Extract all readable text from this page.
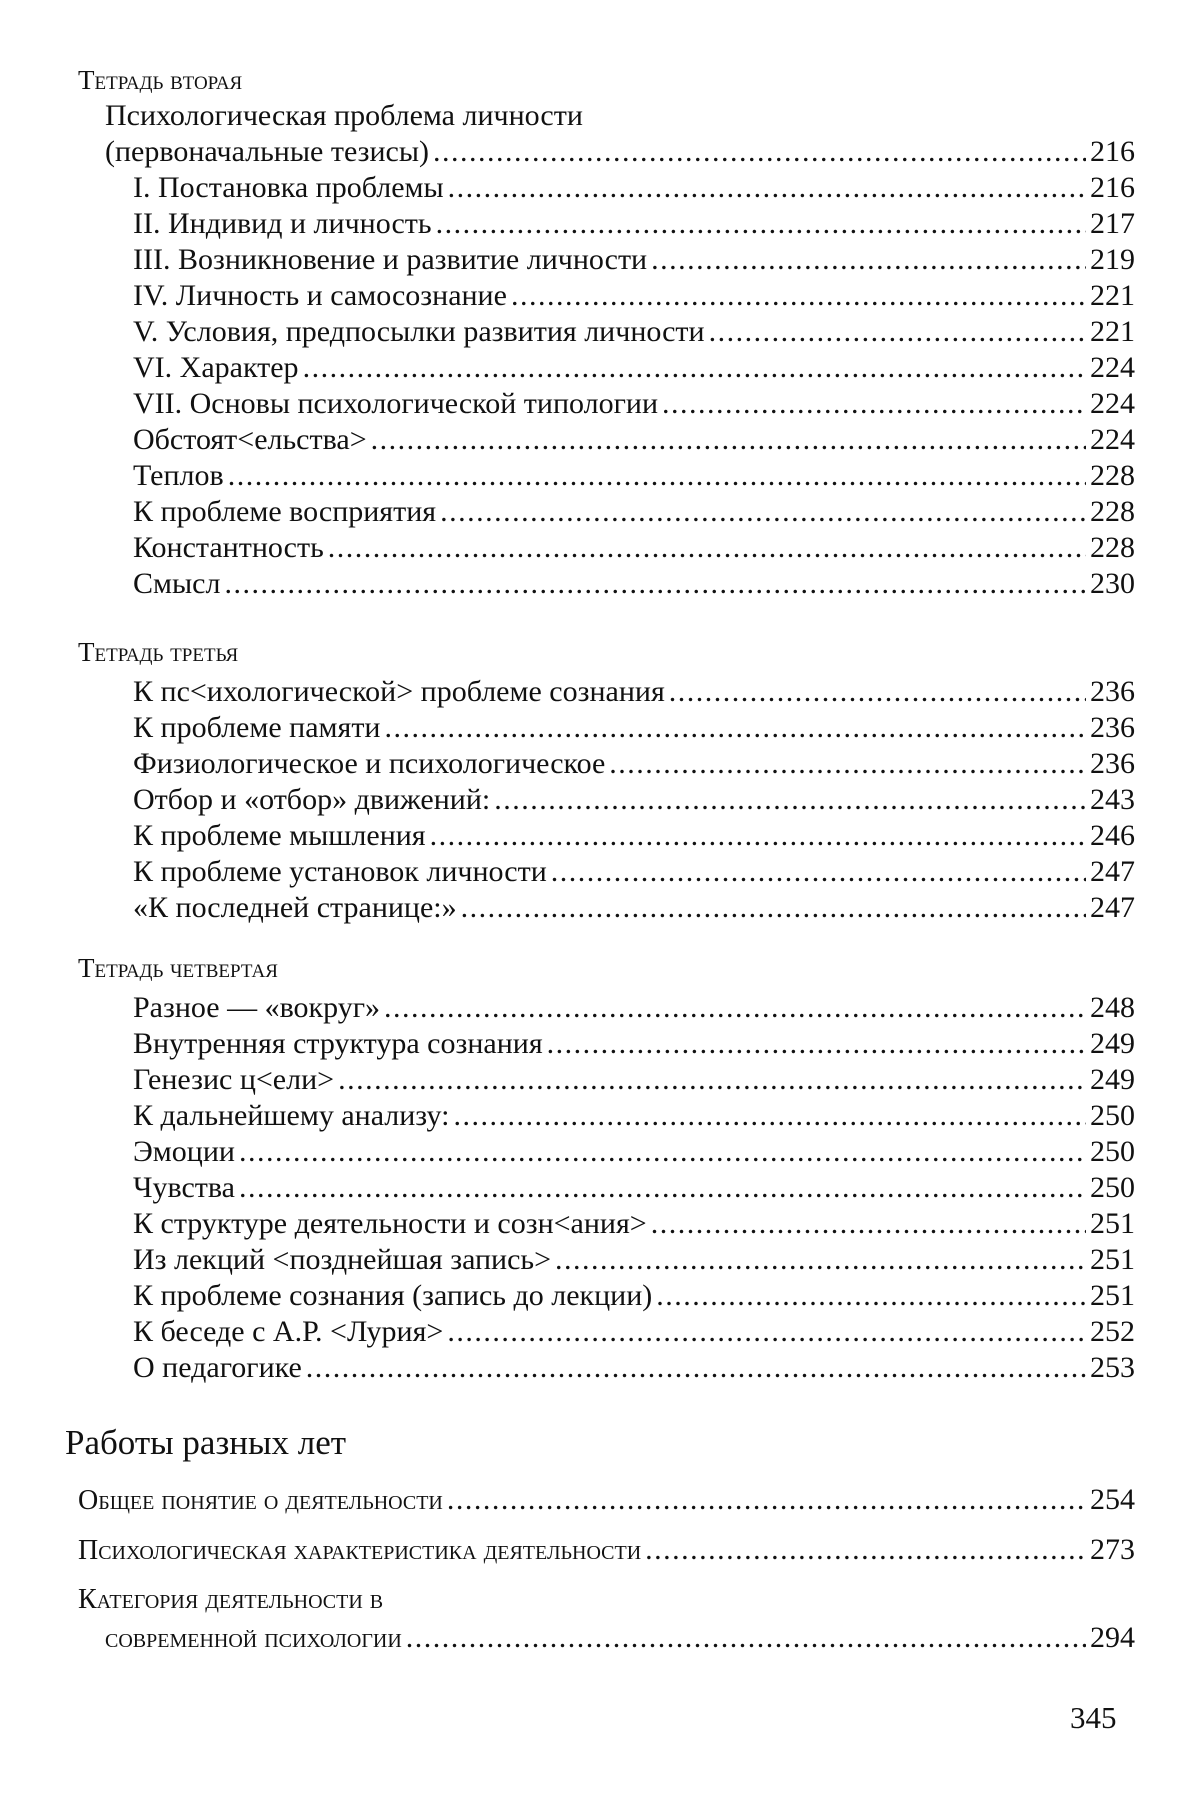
Тетрадь вторая
Психологическая проблема личности
(первоначальные тезисы) . . .	216
I. Постановка проблемы . . .	216
II. Индивид и личность . . .	217
III. Возникновение и развитие личности . . .	219
IV. Личность и самосознание . . .	221
V. Условия, предпосылки развития личности . . .	221
VI. Характер . . .	224
VII. Основы психологической типологии . . .	224
Обстоят<ельства> . . .	224
Теплов . . .	228
К проблеме восприятия . . .	228
Константность . . .	228
Смысл . . .	230
Тетрадь третья
К пс<ихологической> проблеме сознания . . .	236
К проблеме памяти . . .	236
Физиологическое и психологическое . . .	236
Отбор и «отбор» движений: . . .	243
К проблеме мышления . . .	246
К проблеме установок личности . . .	247
«К последней странице:» . . .	247
Тетрадь четвертая
Разное — «вокруг» . . .	248
Внутренняя структура сознания . . .	249
Генезис ц<ели> . . .	249
К дальнейшему анализу: . . .	250
Эмоции . . .	250
Чувства . . .	250
К структуре деятельности и созн<ания> . . .	251
Из лекций <позднейшая запись> . . .	251
К проблеме сознания (запись до лекции) . . .	251
К беседе с А.Р. <Лурия> . . .	252
О педагогике . . .	253
Работы разных лет
Общее понятие о деятельности . . .	254
Психологическая характеристика деятельности . . .	273
Категория деятельности в
современной психологии . . .	294
345
